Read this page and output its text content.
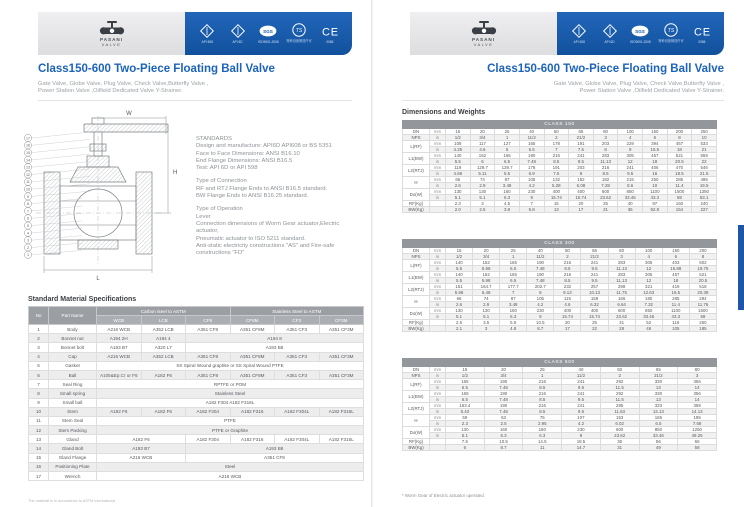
PASANI
VALVE
API 608	API 6D
SGS
ISO9001-2008
TS
特种设备制造许可
CE
0086
Class150-600 Two-Piece Floating Ball Valve
Gate Valve, Globe Valve, Plug Valve, Check Valve,Butterfly Valve ,
Power Station Valve ,Oilfield Dedicated Valve Y-Strainer.
W
H
L
17
16
15
14
13
12
11
10
9
8
7
6
5
4
3
2
1
STANDARDS
Design and manufacture: API6D API608 or BS 5351
Face to Face Dimensions: ANSI B16.10
End Flange Dimensions: ANSI B16.5
Test: API 6D or API 598
Type of Connection
RF and RTJ Flange Ends to ANSI B16.5 standard.
BW Flange Ends to ANSI B16.25 standard.
Type of Operation
Lever
Connection dimensions of Worm Gear actuator,Electric actuator,
Pneumatic actuator to ISO 5211 standard.
Anti-static electricity constructions "AS" and Fire-safe
constructions "FD"
Standard Material Specifications
No	Part Name	Carbon steel to ASTM			Stainless Steel to ASTM		
		WCB	LCB	CF8	CF8M	CF3	CF3M
1	Body	A216 WCB	A352 LCB	A351 CF8	A351 CF8M	A351 CF3	A351 CF3M
2	Bonnet nut	A194 2H	A194 4	A194 8			
3	Bonnet bolt	A193 B7	A320 L7	A193 B8			
4	Cap	A216 WCB	A352 LCB	A351 CF8	A351 CF8M	A351 CF3	A351 CF3M
5	Gasket	SS Spiral Wound graphite or SS Spiral Wound PTFE					
6	Ball	A105&Ep.Cr or F6	A182 F6	A351 CF8	A351 CF8M	A351 CF3	A351 CF3M
7	Seal Ring	RPTFE or POM					
8	Small spring	Stainless Steel					
9	Small ball	A182 F304 A182 F316L					
10	Stem	A182 F6	A182 F6	A182 F304	A182 F316	A182 F304L	A182 F316L
11	Stem Seal	PTFE					
12	Stem Packing	PTFE or Graphite					
13	Gland	A182 F6		A182 F304	A182 F316	A182 F304L	A182 F316L
14	Gland Bolt	A193 B7		A193 B8			
15	Gland Flange	A216 WCB		A351 CF8			
16	Positioning Plate	Steel					
17	Wrench	A216 WCB					
The material is in accordance to ASTM International
PASANI
VALVE
API 608	API 6D
SGS
ISO9001-2008
TS
特种设备制造许可
CE
0086
Class150-600 Two-Piece Floating Ball Valve
Gate Valve, Globe Valve, Plug Valve, Check Valve,Butterfly Valve ,
Power Station Valve ,Oilfield Dedicated Valve Y-Strainer.
Dimensions and Weights
CLASS 150												
DN	mm	15	20	25	40	50	65	80	100	150	200	250
NPS	in	1/2	3/4	1	11/2	2	21/2	3	4	6	8	10
L(RF)	mm	108	117	127	165	178	191	203	229	394	457	533
	in	4.25	4.6	5	6.5	7	7.5	8	9	15.5	18	21
L1(BW)	mm	140	152	165	190	216	241	283	305	457	521	559
	in	5.5	6	6.5	7.48	8.5	9.5	11.13	12	18	20.5	22
L2(RTJ)	mm	119	129.7	139.7	178	191	203	216	241	406	470	546
	in	4.69	5.11	5.5	6.9	7.5	8	8.5	9.5	16	18.5	21.5
H	mm	66	74	87	105	132	152	182	215	250	285	495
	in	2.6	2.9	3.48	4.2	5.28	6.08	7.28	8.6	10	11.4	19.5
Do(W)	mm	130	130	160	230	400	400	600	850	1100	1500	1350
	in	5.1	5.1	6.3	9	15.74	15.74	23.62	33.46	43.3	59	53.1
RF(Kg)		2.3	3	4.5	7	15	20	25	40	97	160	240
BW(Kg)		2.0	2.5	3.8	5.8	13	17	21	36	92.8	154	227
CLASS 300											
DN	mm	15	20	25	40	50	65	80	100	150	200
NPS	in	1/2	3/4	1	11/2	2	21/2	3	4	6	8
L(RF)	mm	140	152	165	190	216	241	283	305	403	502
	in	5.5	5.98	6.5	7.48	8.5	9.5	11.13	12	15.88	19.75
L1(BW)	mm	140	152	165	190	216	241	283	305	457	521
	in	5.5	5.98	6.5	7.48	8.5	9.5	11.13	12	18	20.5
L2(RTJ)	mm	151	164.7	177.7	202.7	232	257	298	321	419	518
	in	5.98	6.48	7	8	9.13	10.13	11.75	12.63	16.5	20.38
H	mm	66	74	87	105	115	158	166	180	285	294
	in	2.6	2.9	3.48	4.2	4.6	6.32	6.64	7.32	11.4	11.76
Do(W)	mm	130	130	160	230	400	400	600	650	1100	1500
	in	5.1	5.1	6.3	9	15.74	15.74	23.62	33.46	43.3	59
RF(Kg)		2.5	3.5	5.5	10.5	20	25	31	52	118	250
BW(Kg)		2.1	3	4.8	8.7	17	22	28	46	105	185
CLASS 600								
DN	mm	15	20	25	40	50	65	80
NPS	in	1/2	3/4	1	11/2	2	21/2	3
L(RF)	mm	165	190	216	241	292	330	356
	in	6.5	7.48	8.5	9.5	11.5	13	14
L1(BW)	mm	165	190	216	241	292	330	356
	in	6.5	7.48	8.5	9.5	11.5	13	14
L2(RTJ)	mm	163.4	190	216	241	295	333	359
	in	6.43	7.48	8.5	9.5	11.63	13.13	14.13
H	mm	59	63	75	107	153	165	195
	in	2.3	2.5	2.95	4.2	6.02	6.5	7.68
Do(W)	mm	130	160	160	230	600	850	1250
	in	5.1	6.3	6.3	9	23.62	33.46	49.25
RF(Kg)		7.5	10.5	14.5	18.5	36	56	66
BW(Kg)		6	8.7	11	14.7	31	49	58
* Worm Gear of Electric actuator operated.
